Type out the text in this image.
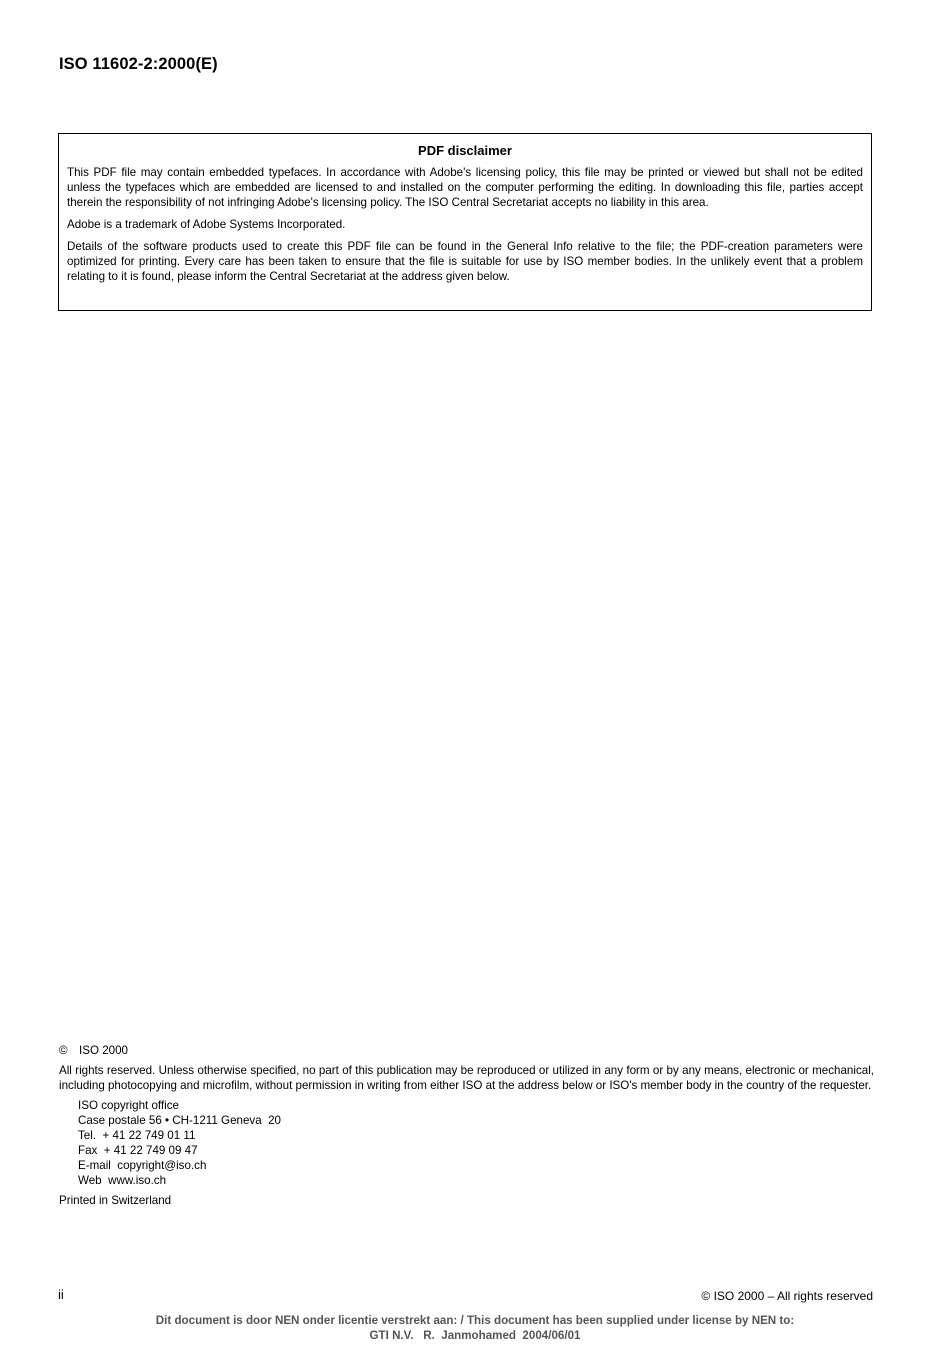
ISO 11602-2:2000(E)
PDF disclaimer

This PDF file may contain embedded typefaces. In accordance with Adobe's licensing policy, this file may be printed or viewed but shall not be edited unless the typefaces which are embedded are licensed to and installed on the computer performing the editing. In downloading this file, parties accept therein the responsibility of not infringing Adobe's licensing policy. The ISO Central Secretariat accepts no liability in this area.

Adobe is a trademark of Adobe Systems Incorporated.

Details of the software products used to create this PDF file can be found in the General Info relative to the file; the PDF-creation parameters were optimized for printing. Every care has been taken to ensure that the file is suitable for use by ISO member bodies. In the unlikely event that a problem relating to it is found, please inform the Central Secretariat at the address given below.

© ISO 2000
All rights reserved. Unless otherwise specified, no part of this publication may be reproduced or utilized in any form or by any means, electronic or mechanical, including photocopying and microfilm, without permission in writing from either ISO at the address below or ISO's member body in the country of the requester.
ISO copyright office
Case postale 56 • CH-1211 Geneva  20
Tel.  + 41 22 749 01 11
Fax  + 41 22 749 09 47
E-mail  copyright@iso.ch
Web  www.iso.ch
Printed in Switzerland
ii	© ISO 2000 – All rights reserved
Dit document is door NEN onder licentie verstrekt aan: / This document has been supplied under license by NEN to:
GTI N.V.   R.  Janmohamed  2004/06/01
